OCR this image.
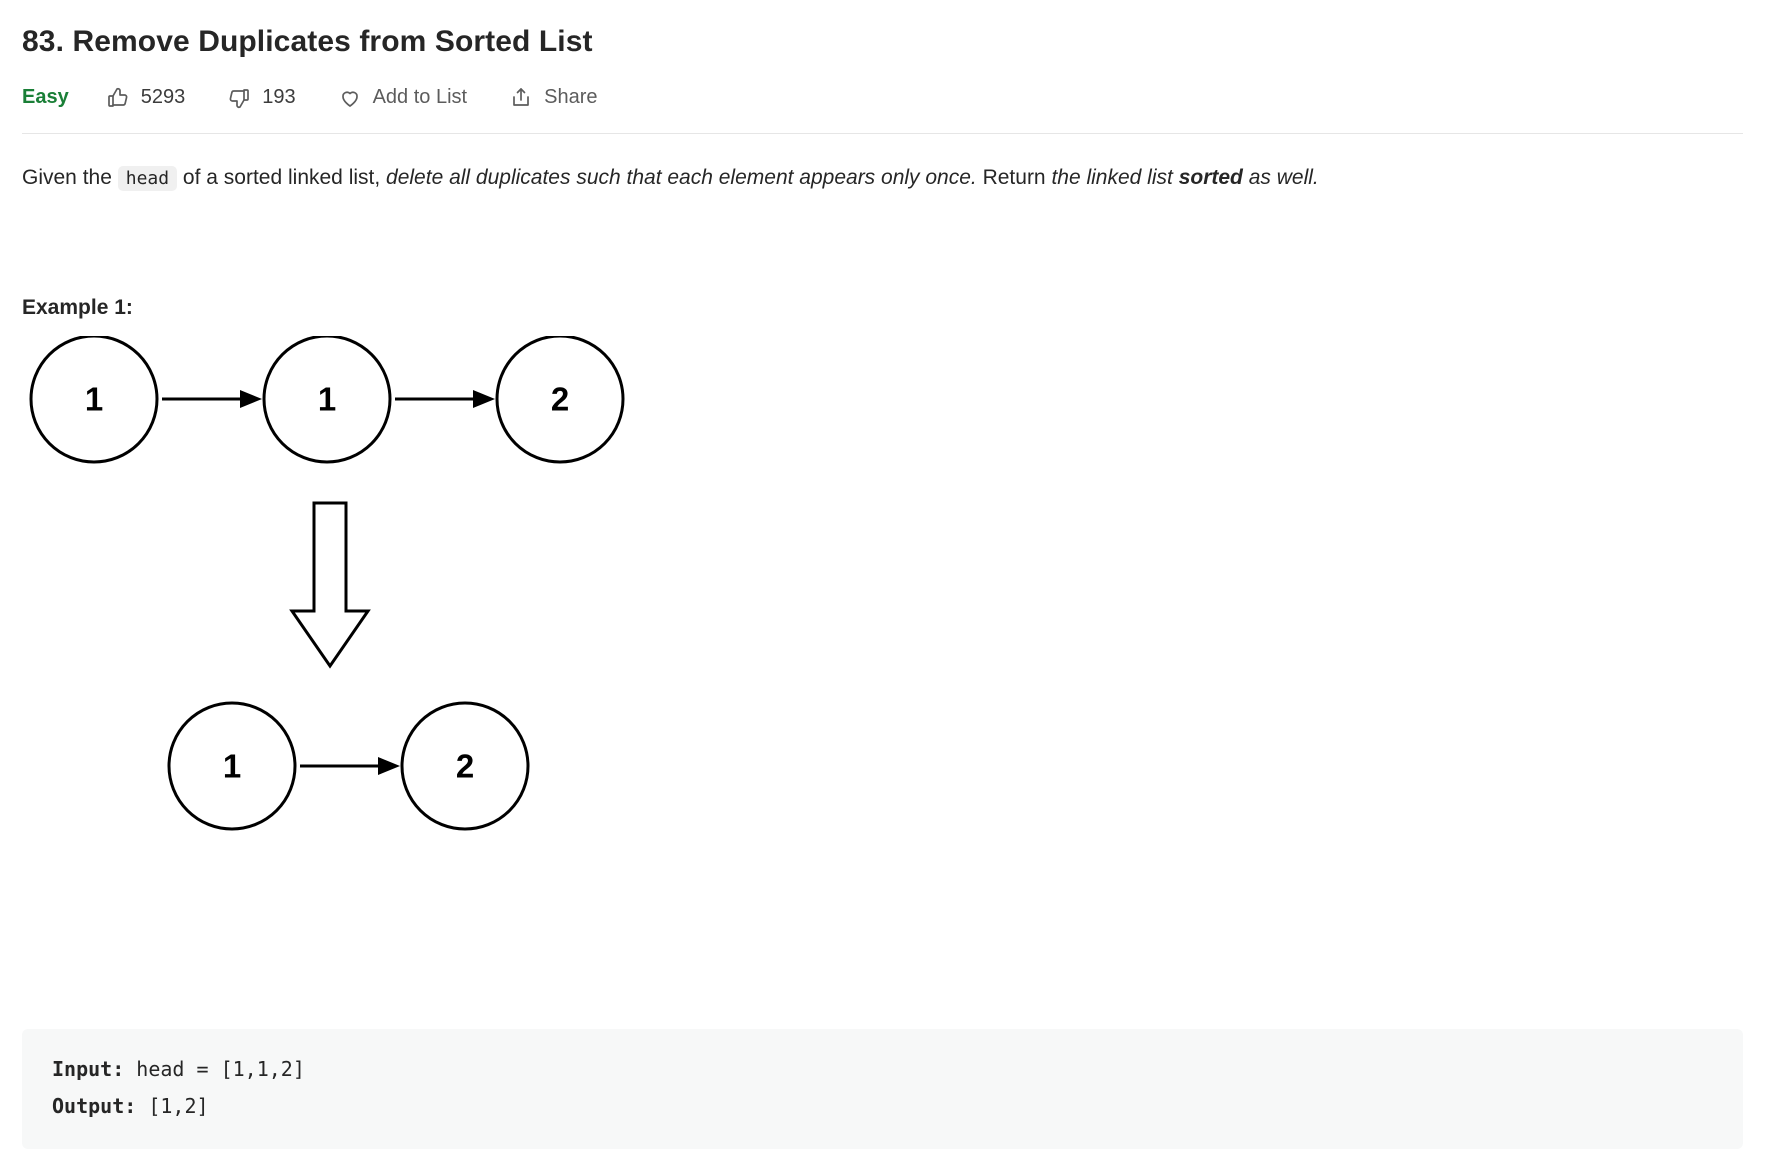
83. Remove Duplicates from Sorted List
Easy	5293	193	Add to List	Share
Given the head of a sorted linked list, delete all duplicates such that each element appears only once. Return the linked list sorted as well.
Example 1:
1	1	2
1	2
Input: head = [1,1,2]
Output: [1,2]
